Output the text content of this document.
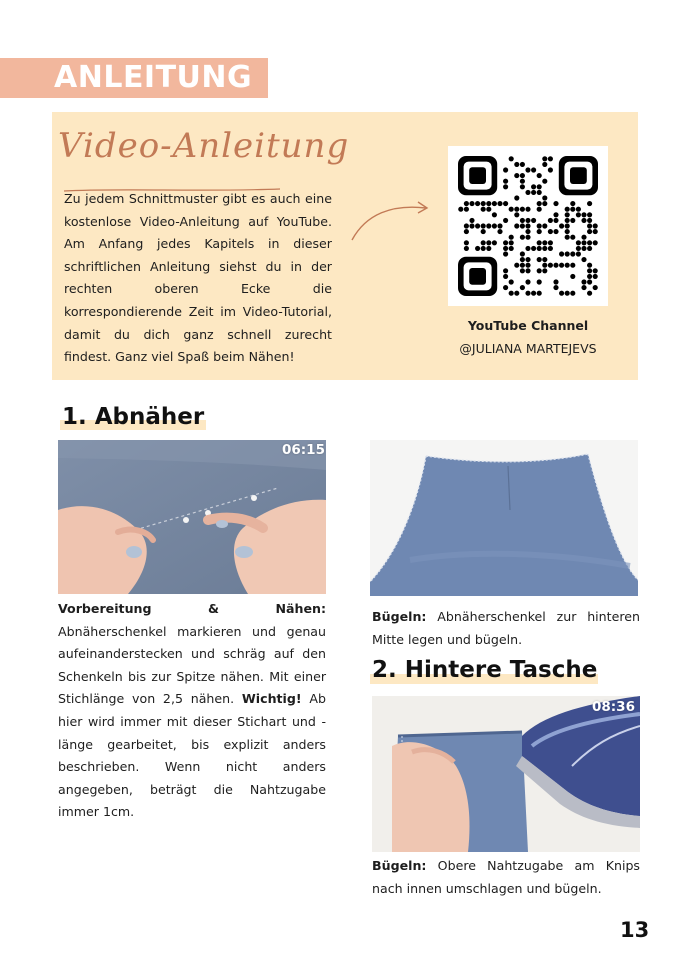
ANLEITUNG
Video-Anleitung
Zu jedem Schnittmuster gibt es auch eine kostenlose Video-Anleitung auf YouTube. Am Anfang jedes Kapitels in dieser schriftlichen Anleitung siehst du in der rechten oberen Ecke die korrespondierende Zeit im Video-Tutorial, damit du dich ganz schnell zurecht findest. Ganz viel Spaß beim Nähen!
YouTube Channel
@JULIANA MARTEJEVS
1. Abnäher
06:15
Vorbereitung & Nähen: Abnäherschenkel markieren und genau aufeinanderstecken und schräg auf den Schenkeln bis zur Spitze nähen. Mit einer Stichlänge von 2,5 nähen. Wichtig! Ab hier wird immer mit dieser Stichart und -länge gearbeitet, bis explizit anders beschrieben. Wenn nicht anders angegeben, beträgt die Nahtzugabe immer 1cm.
Bügeln: Abnäherschenkel zur hinteren Mitte legen und bügeln.
2. Hintere Tasche
08:36
Bügeln: Obere Nahtzugabe am Knips nach innen umschlagen und bügeln.
13
